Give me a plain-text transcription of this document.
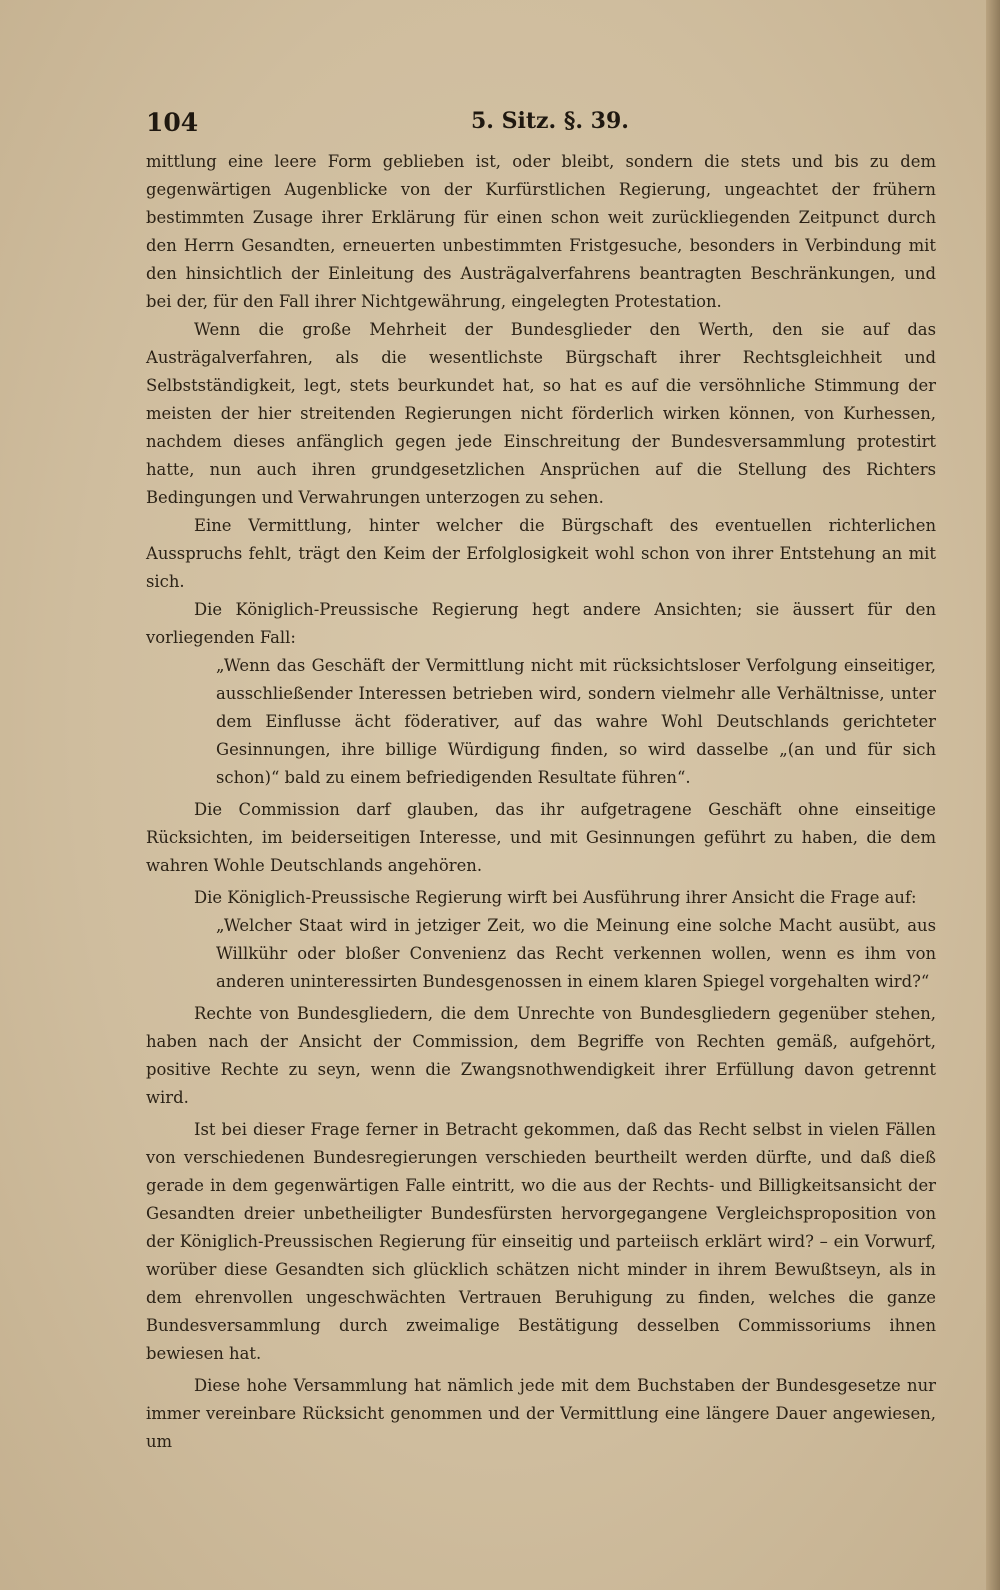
104	5. Sitz. §. 39.

mittlung eine leere Form geblieben ist, oder bleibt, sondern die stets und bis zu dem gegenwärtigen Augenblicke von der Kurfürstlichen Regierung, ungeachtet der frühern bestimmten Zusage ihrer Erklärung für einen schon weit zurückliegenden Zeitpunct durch den Herrn Gesandten, erneuerten unbestimmten Fristgesuche, besonders in Verbindung mit den hinsichtlich der Einleitung des Austrägalverfahrens beantragten Beschränkungen, und bei der, für den Fall ihrer Nichtgewährung, eingelegten Protestation.

Wenn die große Mehrheit der Bundesglieder den Werth, den sie auf das Austrägalverfahren, als die wesentlichste Bürgschaft ihrer Rechtsgleichheit und Selbstständigkeit, legt, stets beurkundet hat, so hat es auf die versöhnliche Stimmung der meisten der hier streitenden Regierungen nicht förderlich wirken können, von Kurhessen, nachdem dieses anfänglich gegen jede Einschreitung der Bundesversammlung protestirt hatte, nun auch ihren grundgesetzlichen Ansprüchen auf die Stellung des Richters Bedingungen und Verwahrungen unterzogen zu sehen.

Eine Vermittlung, hinter welcher die Bürgschaft des eventuellen richterlichen Ausspruchs fehlt, trägt den Keim der Erfolglosigkeit wohl schon von ihrer Entstehung an mit sich.

Die Königlich-Preussische Regierung hegt andere Ansichten; sie äussert für den vorliegenden Fall:

„Wenn das Geschäft der Vermittlung nicht mit rücksichtsloser Verfolgung einseitiger, ausschließender Interessen betrieben wird, sondern vielmehr alle Verhältnisse, unter dem Einflusse ächt föderativer, auf das wahre Wohl Deutschlands gerichteter Gesinnungen, ihre billige Würdigung finden, so wird dasselbe „(an und für sich schon)“ bald zu einem befriedigenden Resultate führen“.

Die Commission darf glauben, das ihr aufgetragene Geschäft ohne einseitige Rücksichten, im beiderseitigen Interesse, und mit Gesinnungen geführt zu haben, die dem wahren Wohle Deutschlands angehören.

Die Königlich-Preussische Regierung wirft bei Ausführung ihrer Ansicht die Frage auf:

„Welcher Staat wird in jetziger Zeit, wo die Meinung eine solche Macht ausübt, aus Willkühr oder bloßer Convenienz das Recht verkennen wollen, wenn es ihm von anderen uninteressirten Bundesgenossen in einem klaren Spiegel vorgehalten wird?“

Rechte von Bundesgliedern, die dem Unrechte von Bundesgliedern gegenüber stehen, haben nach der Ansicht der Commission, dem Begriffe von Rechten gemäß, aufgehört, positive Rechte zu seyn, wenn die Zwangsnothwendigkeit ihrer Erfüllung davon getrennt wird.

Ist bei dieser Frage ferner in Betracht gekommen, daß das Recht selbst in vielen Fällen von verschiedenen Bundesregierungen verschieden beurtheilt werden dürfte, und daß dieß gerade in dem gegenwärtigen Falle eintritt, wo die aus der Rechts- und Billigkeitsansicht der Gesandten dreier unbetheiligter Bundesfürsten hervorgegangene Vergleichsproposition von der Königlich-Preussischen Regierung für einseitig und parteiisch erklärt wird? – ein Vorwurf, worüber diese Gesandten sich glücklich schätzen nicht minder in ihrem Bewußtseyn, als in dem ehrenvollen ungeschwächten Vertrauen Beruhigung zu finden, welches die ganze Bundesversammlung durch zweimalige Bestätigung desselben Commissoriums ihnen bewiesen hat.

Diese hohe Versammlung hat nämlich jede mit dem Buchstaben der Bundesgesetze nur immer vereinbare Rücksicht genommen und der Vermittlung eine längere Dauer angewiesen, um
